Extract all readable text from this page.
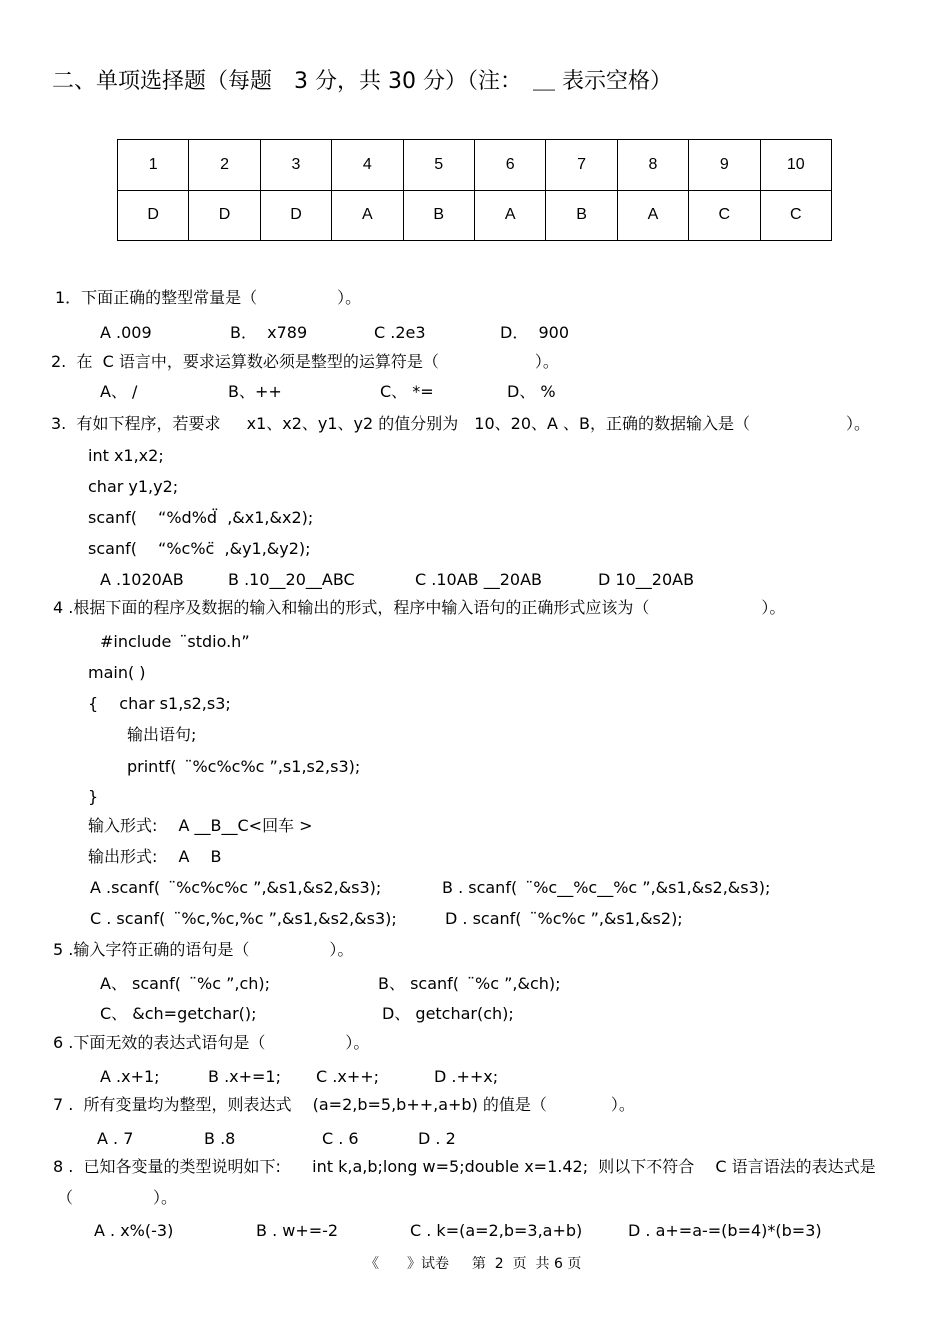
二、单项选择题（每题　3 分，共 30 分）（注：　＿ 表示空格）
1	2	3	4	5	6	7	8	9	10
D	D	D	A	B	A	B	A	C	C
1．下面正确的整型常量是（　　　　　）。
A .009	B．  x789	C .2e3	D．  900
2.  在  C 语言中，要求运算数必须是整型的运算符是（　　　　　　）。
A、 /	B、++	C、 *=	D、 %
3.  有如下程序，若要求　  x1、x2、y1、y2 的值分别为　10、20、A 、B，正确的数据输入是（　　　　　　）。
int x1,x2;
char y1,y2;
scanf(　 “%d%d̈  ,&x1,&x2);
scanf(　 “%c%c̈  ,&y1,&y2);
A .1020AB	B .10__20__ABC	C .10AB __20AB	D 10__20AB
4 .根据下面的程序及数据的输入和输出的形式，程序中输入语句的正确形式应该为（　　　　　　　）。
#include　̈stdio.h”
main( )
{　 char s1,s2,s3;
输出语句;
printf(　̈%c%c%c ”,s1,s2,s3);
}
输入形式:　 A __B__C<回车 >
输出形式:　 A　 B
A .scanf(　̈%c%c%c ”,&s1,&s2,&s3);	B . scanf(　̈%c__%c__%c ”,&s1,&s2,&s3);
C . scanf(　̈%c,%c,%c ”,&s1,&s2,&s3);	D . scanf(　̈%c%c ”,&s1,&s2);
5 .输入字符正确的语句是（　　　　　）。
A、 scanf(　̈%c ”,ch);	B、 scanf(　̈%c ”,&ch);
C、 &ch=getchar();	D、 getchar(ch);
6 .下面无效的表达式语句是（　　　　　）。
A .x+1;	B .x+=1; C .x++;	D .++x;
7 .  所有变量均为整型，则表达式　 (a=2,b=5,b++,a+b) 的值是（　　　　）。
A . 7	B .8	C . 6	D . 2
8 .  已知各变量的类型说明如下:　   int k,a,b;long w=5;double x=1.42;  则以下不符合　 C 语言语法的表达式是
（　　　　　）。
A . x%(-3)	B . w+=-2	C . k=(a=2,b=3,a+b)	D . a+=a-=(b=4)*(b=3)
《　　》试卷　  第  2  页  共 6 页
